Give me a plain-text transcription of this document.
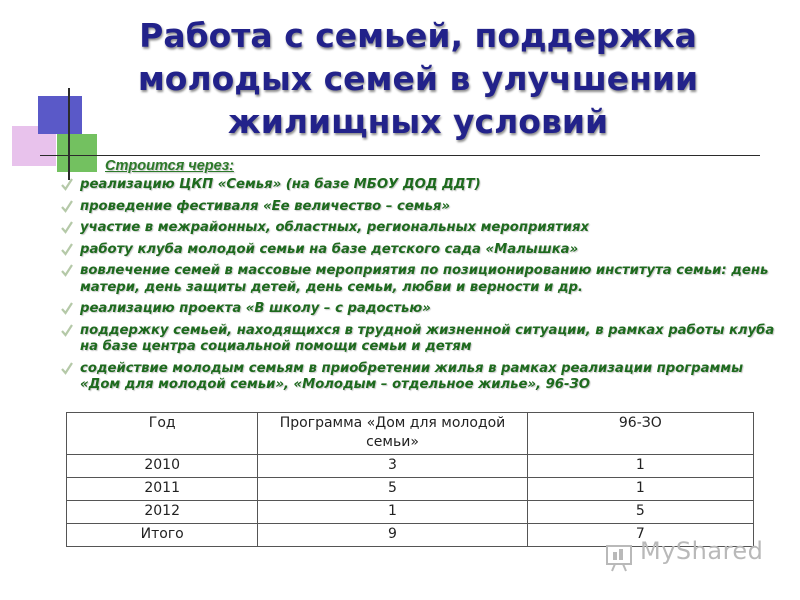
Работа с семьей, поддержка молодых семей в улучшении жилищных условий
Строится через:
реализацию ЦКП «Семья» (на базе МБОУ ДОД ДДТ)
проведение фестиваля «Ее величество – семья»
участие в межрайонных, областных, региональных мероприятиях
работу клуба молодой семьи на базе детского сада «Малышка»
вовлечение семей в массовые мероприятия по позиционированию института семьи: день матери, день защиты детей, день семьи, любви и верности и др.
реализацию проекта «В школу – с радостью»
поддержку семьей, находящихся в трудной жизненной ситуации, в рамках работы клуба на базе центра социальной помощи семьи и детям
содействие молодым семьям в приобретении жилья в рамках реализации программы «Дом для молодой семьи», «Молодым – отдельное жилье», 96-ЗО
Год	Программа «Дом для молодой семьи»	96-ЗО
2010	3	1
2011	5	1
2012	1	5
Итого	9	7
MyShared
